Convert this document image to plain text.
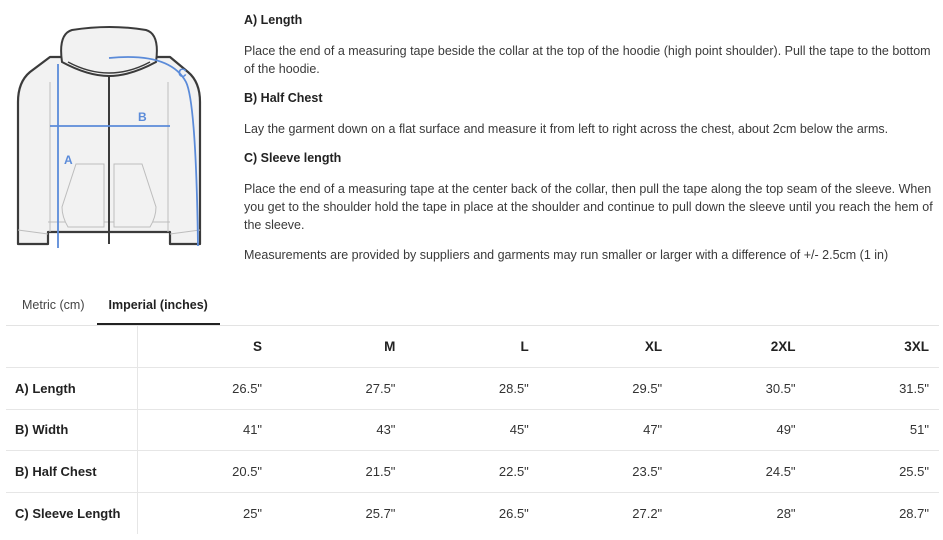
A
B
C
A) Length

Place the end of a measuring tape beside the collar at the top of the hoodie (high point shoulder). Pull the tape to the bottom of the hoodie.

B) Half Chest

Lay the garment down on a flat surface and measure it from left to right across the chest, about 2cm below the arms.

C) Sleeve length

Place the end of a measuring tape at the center back of the collar, then pull the tape along the top seam of the sleeve. When you get to the shoulder hold the tape in place at the shoulder and continue to pull down the sleeve until you reach the hem of the sleeve.

Measurements are provided by suppliers and garments may run smaller or larger with a difference of +/- 2.5cm (1 in)

Metric (cm)	Imperial (inches)
	S	M	L	XL	2XL	3XL
A) Length	26.5"	27.5"	28.5"	29.5"	30.5"	31.5"
B) Width	41"	43"	45"	47"	49"	51"
B) Half Chest	20.5"	21.5"	22.5"	23.5"	24.5"	25.5"
C) Sleeve Length	25"	25.7"	26.5"	27.2"	28"	28.7"
